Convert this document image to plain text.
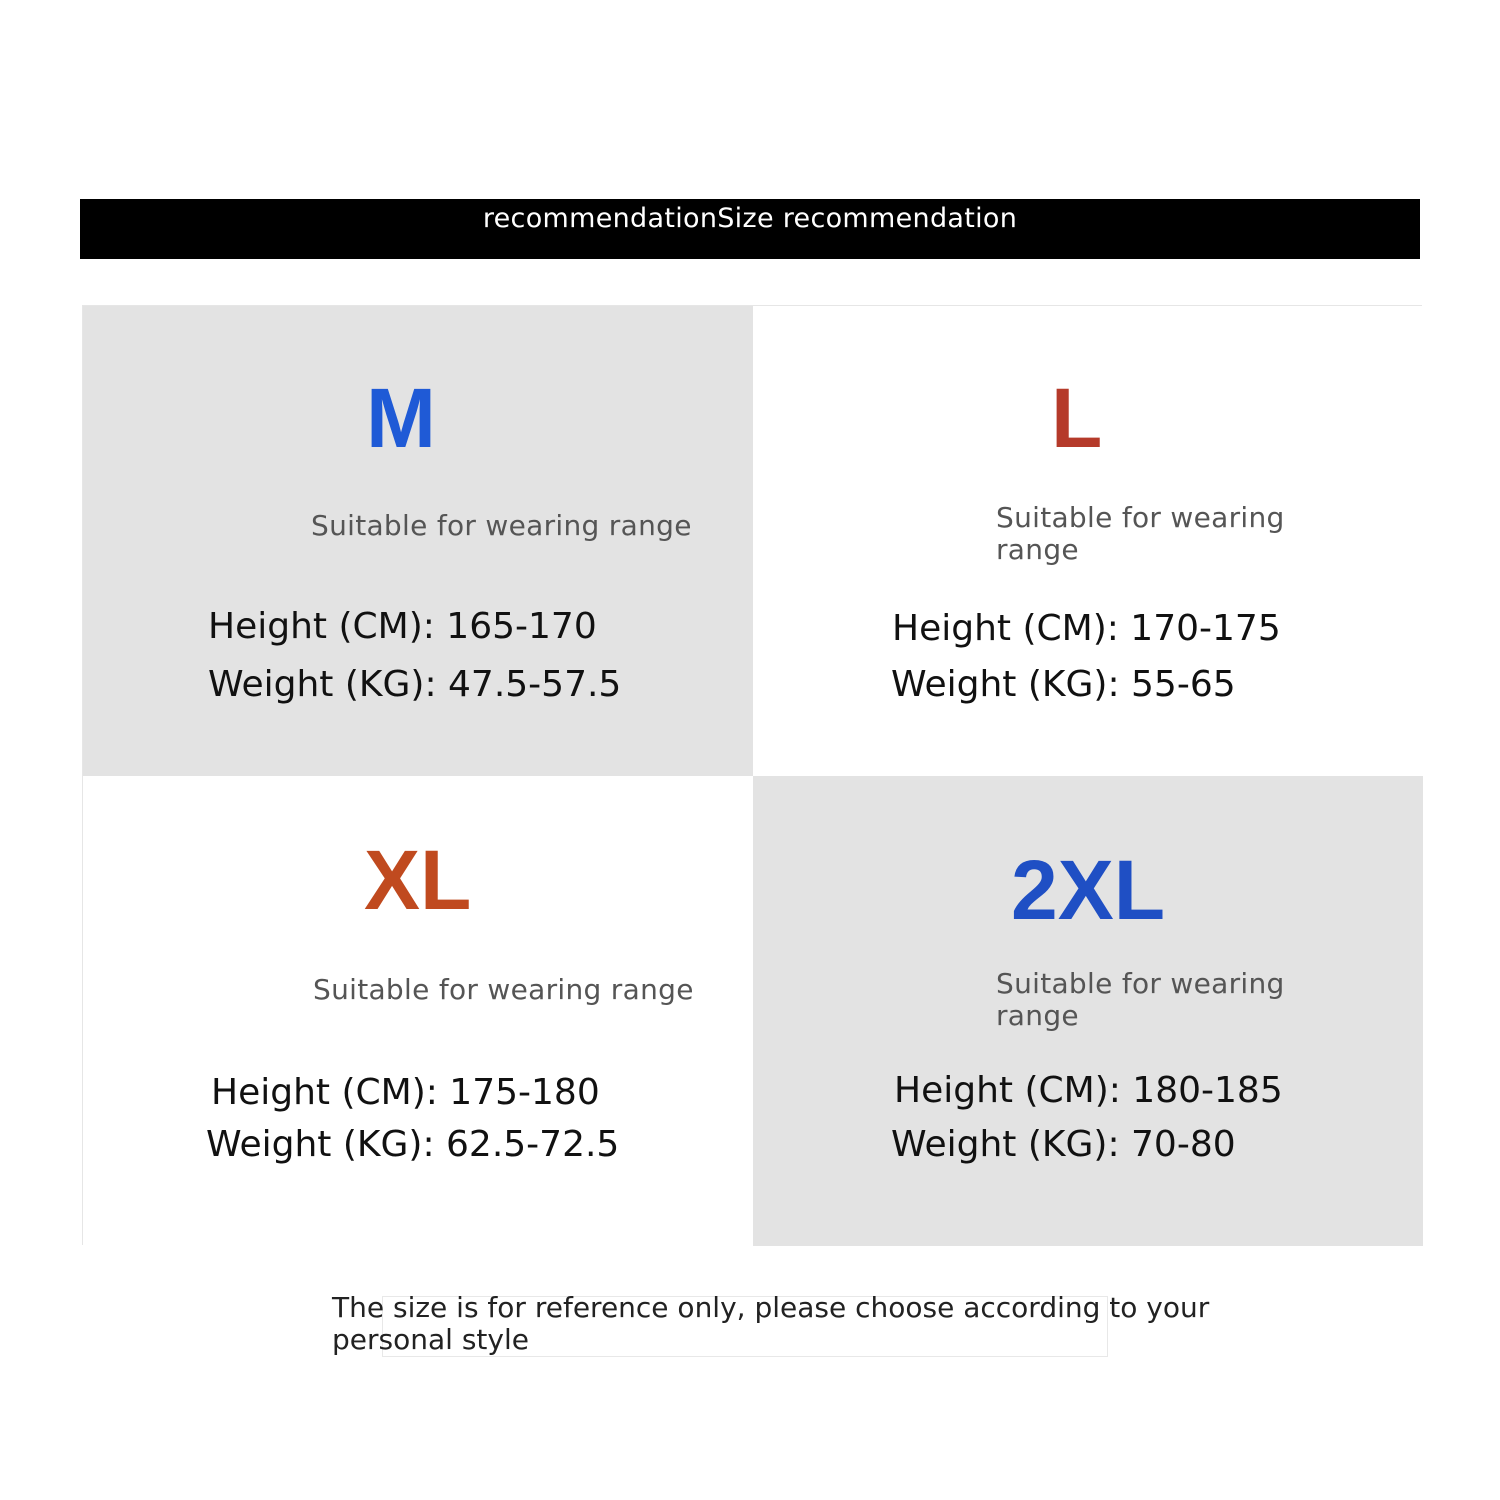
recommendationSize recommendation
M
Suitable for wearing range
Height (CM): 165-170
Weight (KG): 47.5-57.5
L
Suitable for wearing range
Height (CM): 170-175
Weight (KG): 55-65
XL
Suitable for wearing range
Height (CM): 175-180
Weight (KG): 62.5-72.5
2XL
Suitable for wearing range
Height (CM): 180-185
Weight (KG): 70-80
The size is for reference only, please choose according to your personal style
